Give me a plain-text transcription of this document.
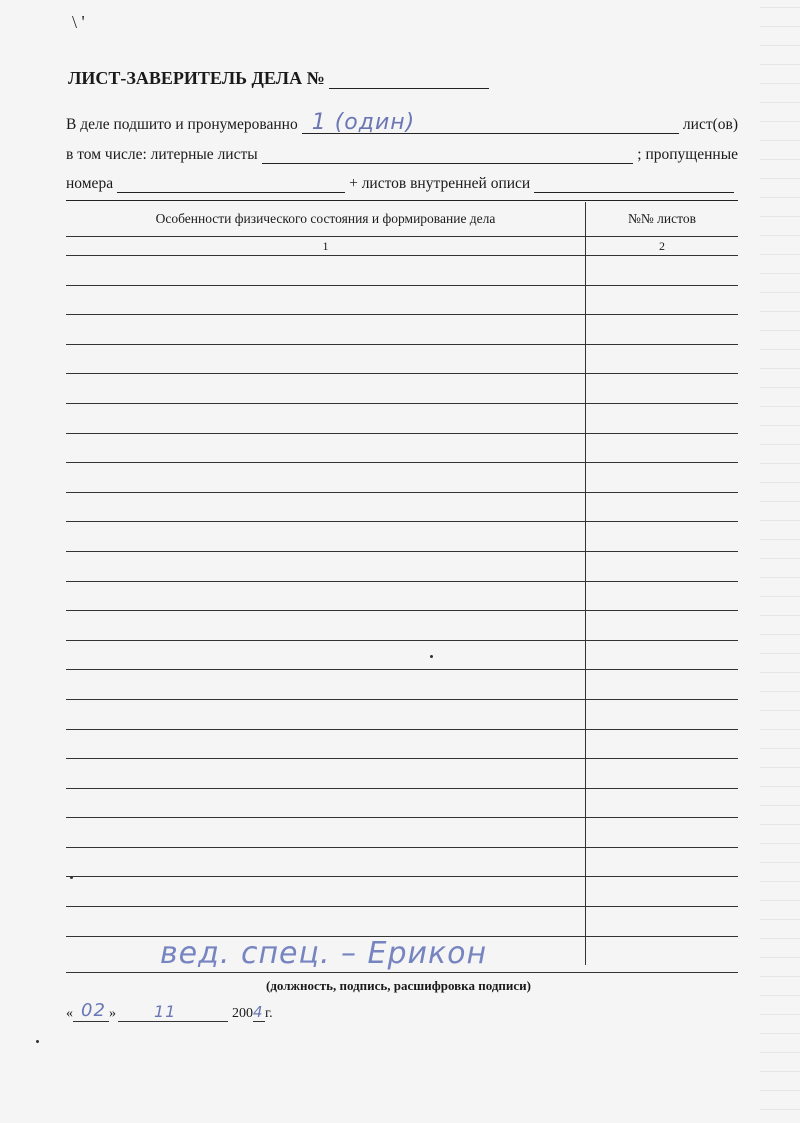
\ '
ЛИСТ-ЗАВЕРИТЕЛЬ ДЕЛА №
В деле подшито и пронумерованно 1 (один)	лист(ов)
в том числе: литерные листы	; пропущенные
номера	+ листов внутренней описи
Особенности физического состояния и формирование дела	№№ листов
1	2

вед. спец. – Ерикон
(должность, подпись, расшифровка подписи)
« 02 » 11	200 4 г.
